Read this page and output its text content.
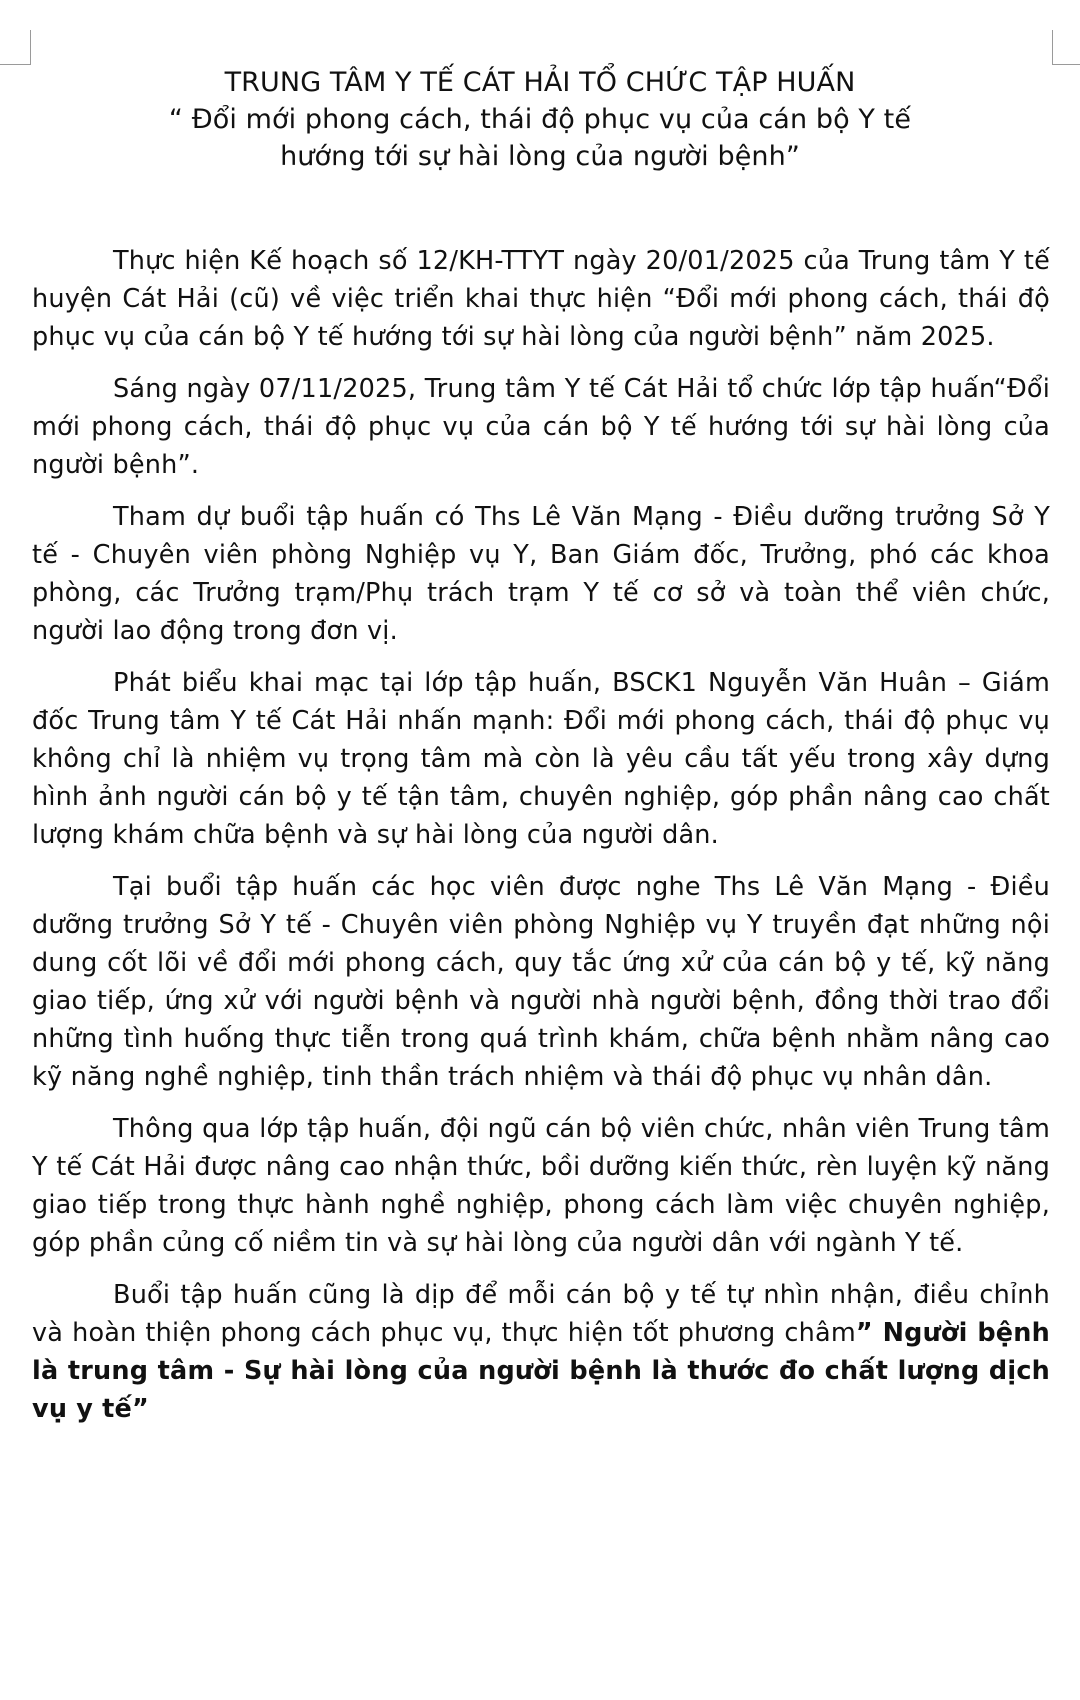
TRUNG TÂM Y TẾ CÁT HẢI TỔ CHỨC TẬP HUẤN
“ Đổi mới phong cách, thái độ phục vụ của cán bộ Y tế
hướng tới sự hài lòng của người bệnh”

Thực hiện Kế hoạch số 12/KH-TTYT ngày 20/01/2025 của Trung tâm Y tế huyện Cát Hải (cũ) về việc triển khai thực hiện “Đổi mới phong cách, thái độ phục vụ của cán bộ Y tế hướng tới sự hài lòng của người bệnh” năm 2025.

Sáng ngày 07/11/2025, Trung tâm Y tế Cát Hải tổ chức lớp tập huấn“Đổi mới phong cách, thái độ phục vụ của cán bộ Y tế hướng tới sự hài lòng của người bệnh”.

Tham dự buổi tập huấn có Ths Lê Văn Mạng - Điều dưỡng trưởng Sở Y tế - Chuyên viên phòng Nghiệp vụ Y, Ban Giám đốc, Trưởng, phó các khoa phòng, các Trưởng trạm/Phụ trách trạm Y tế cơ sở và toàn thể viên chức, người lao động trong đơn vị.

Phát biểu khai mạc tại lớp tập huấn, BSCK1 Nguyễn Văn Huân – Giám đốc Trung tâm Y tế Cát Hải nhấn mạnh: Đổi mới phong cách, thái độ phục vụ không chỉ là nhiệm vụ trọng tâm mà còn là yêu cầu tất yếu trong xây dựng hình ảnh người cán bộ y tế tận tâm, chuyên nghiệp, góp phần nâng cao chất lượng khám chữa bệnh và sự hài lòng của người dân.

Tại buổi tập huấn các học viên được nghe Ths Lê Văn Mạng - Điều dưỡng trưởng Sở Y tế - Chuyên viên phòng Nghiệp vụ Y truyền đạt những nội dung cốt lõi về đổi mới phong cách, quy tắc ứng xử của cán bộ y tế, kỹ năng giao tiếp, ứng xử với người bệnh và người nhà người bệnh, đồng thời trao đổi những tình huống thực tiễn trong quá trình khám, chữa bệnh nhằm nâng cao kỹ năng nghề nghiệp, tinh thần trách nhiệm và thái độ phục vụ nhân dân.

Thông qua lớp tập huấn, đội ngũ cán bộ viên chức, nhân viên Trung tâm Y tế Cát Hải được nâng cao nhận thức, bồi dưỡng kiến thức, rèn luyện kỹ năng giao tiếp trong thực hành nghề nghiệp, phong cách làm việc chuyên nghiệp, góp phần củng cố niềm tin và sự hài lòng của người dân với ngành Y tế.

Buổi tập huấn cũng là dịp để mỗi cán bộ y tế tự nhìn nhận, điều chỉnh và hoàn thiện phong cách phục vụ, thực hiện tốt phương châm” Người bệnh là trung tâm - Sự hài lòng của người bệnh là thước đo chất lượng dịch vụ y tế”
